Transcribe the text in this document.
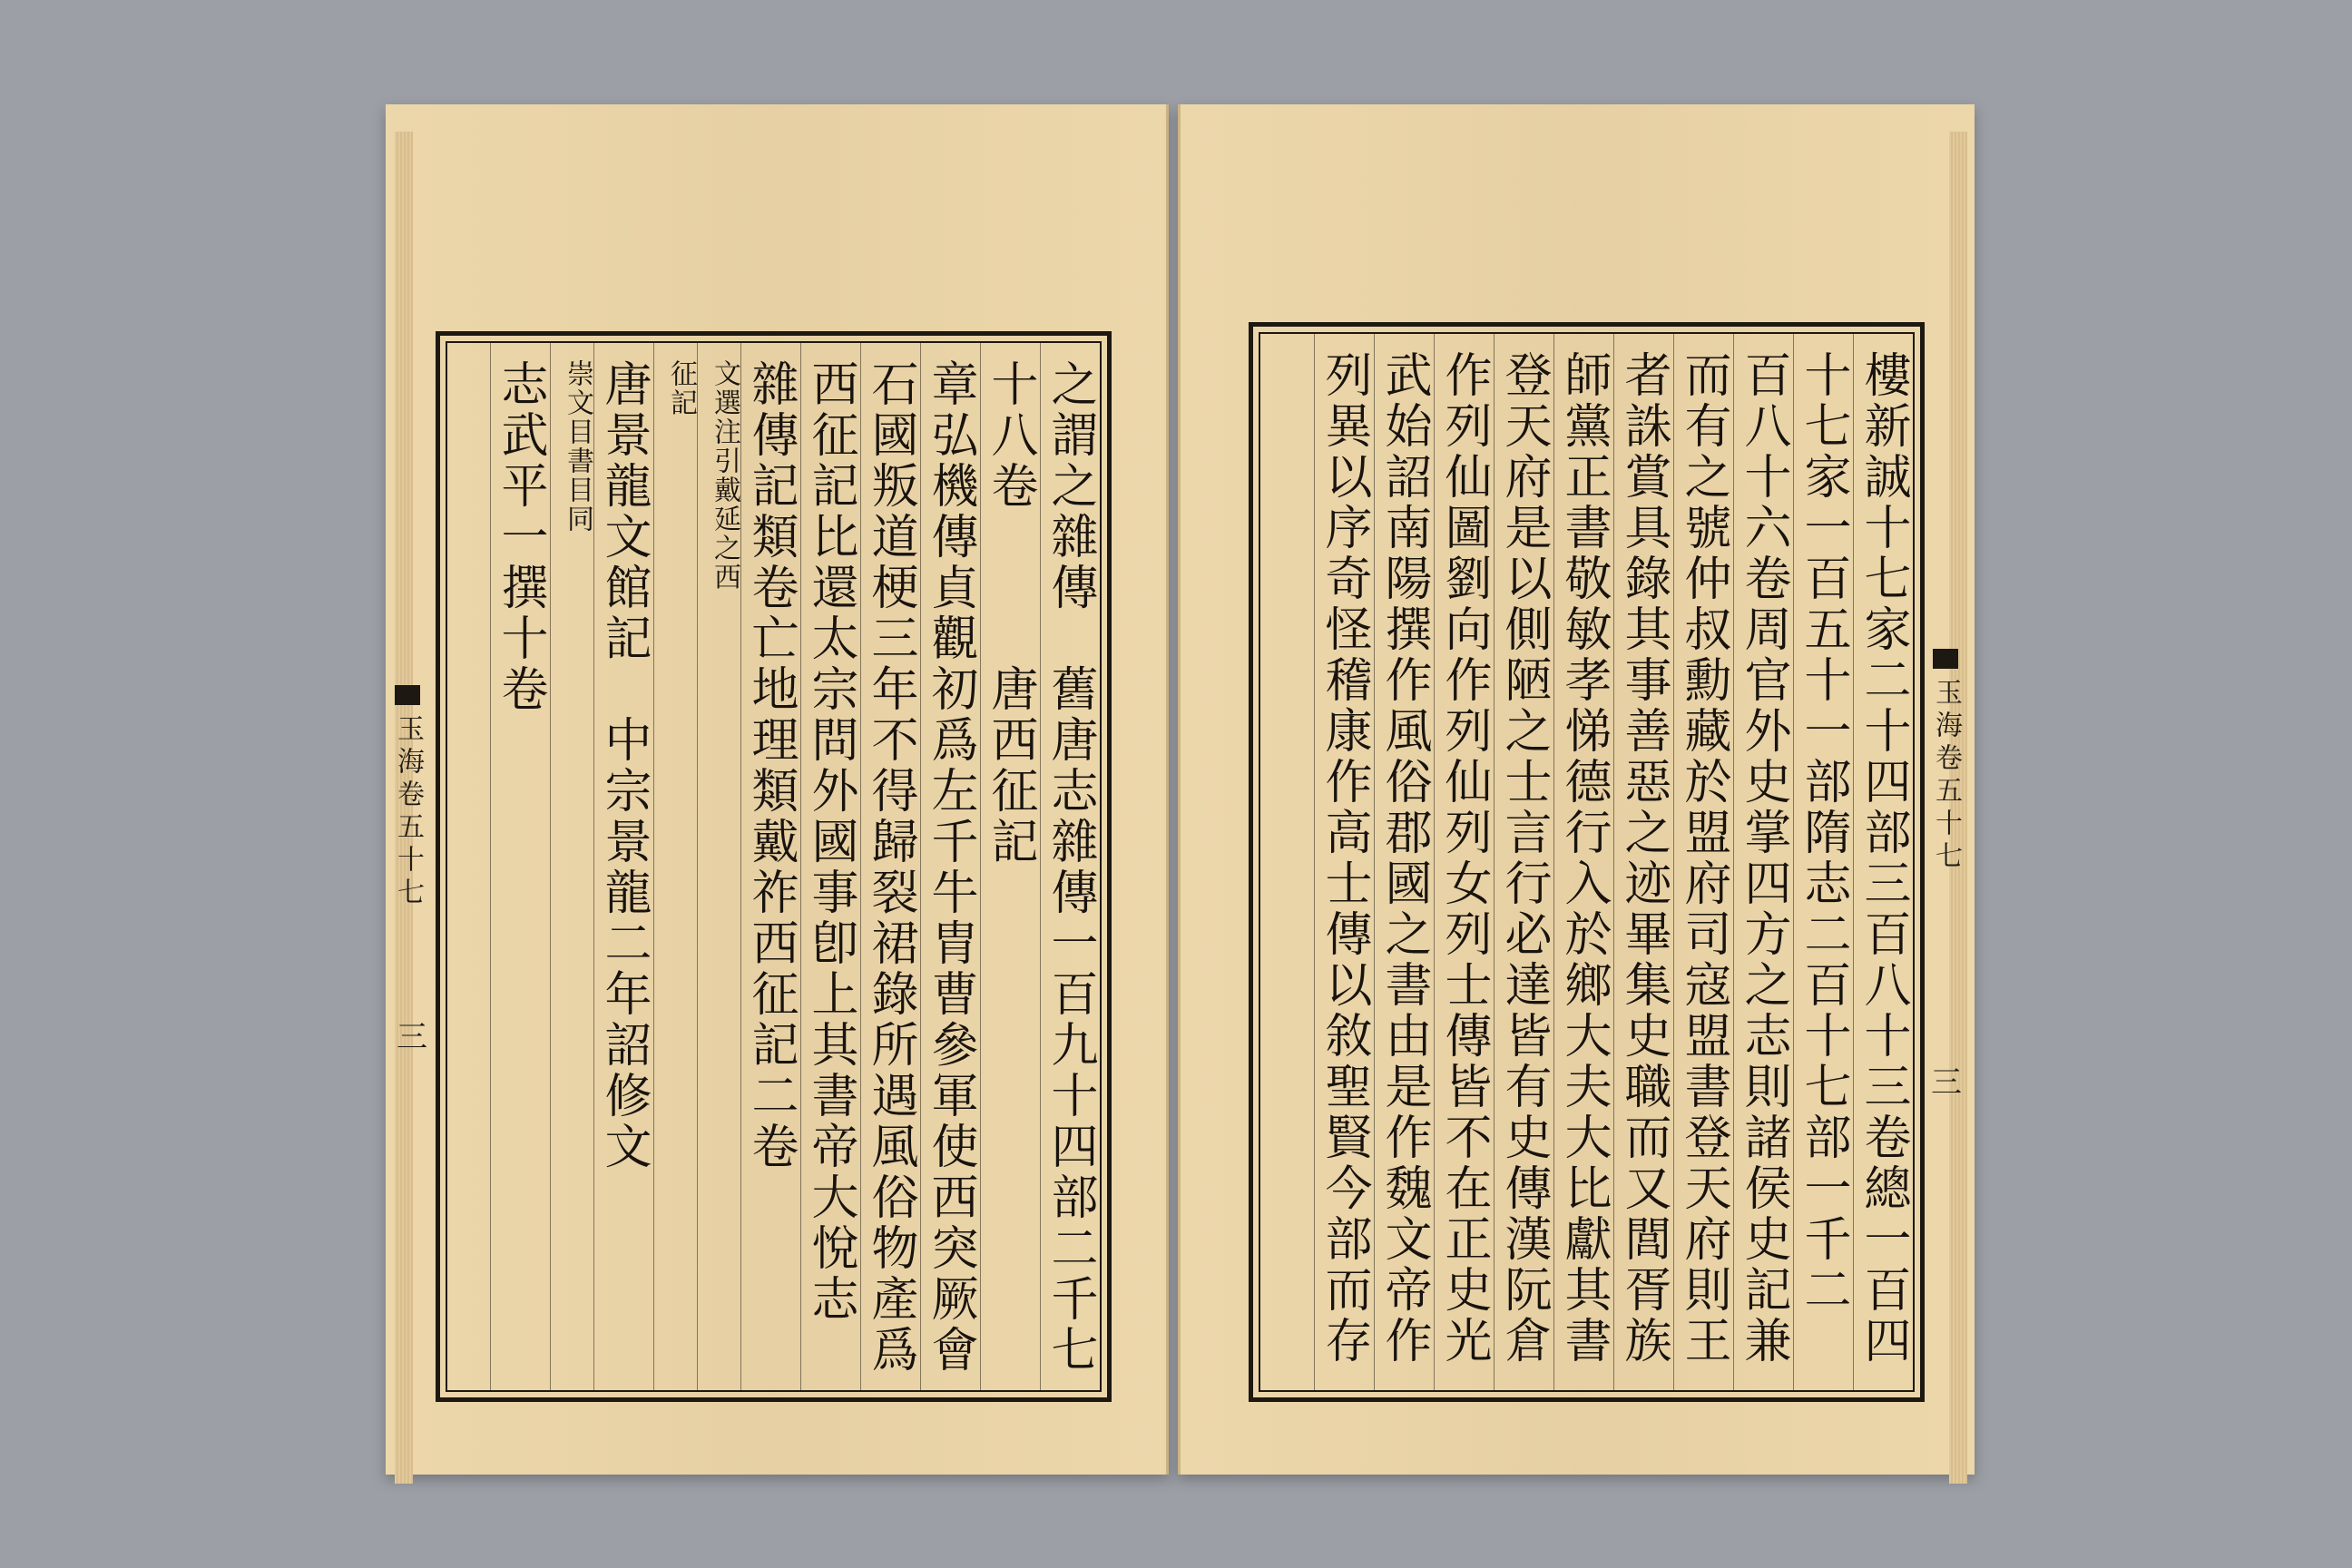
之謂之雜傳　舊唐志雜傳一百九十四部二千七
十八卷　　　唐西征記
章弘機傳貞觀初爲左千牛胄曹參軍使西突厥會
石國叛道梗三年不得歸裂裙錄所遇風俗物產爲
西征記比還太宗問外國事卽上其書帝大悅志
雜傳記類卷亡地理類戴祚西征記二卷
文選注引戴延之西
征記
唐景龍文館記　中宗景龍二年詔修文
崇文目書目同
志武平一撰十卷
玉海卷五十七
三	樓新誠十七家二十四部三百八十三卷總一百四
十七家一百五十一部隋志二百十七部一千二
百八十六卷周官外史掌四方之志則諸侯史記兼
而有之號仲叔勳藏於盟府司寇盟書登天府則王
者誅賞具錄其事善惡之迹畢集史職而又閭胥族
師黨正書敬敏孝悌德行入於鄉大夫大比獻其書
登天府是以側陋之士言行必達皆有史傳漢阮倉
作列仙圖劉向作列仙列女列士傳皆不在正史光
武始詔南陽撰作風俗郡國之書由是作魏文帝作
列異以序奇怪稽康作高士傳以敘聖賢今部而存	玉海卷五十七
三
